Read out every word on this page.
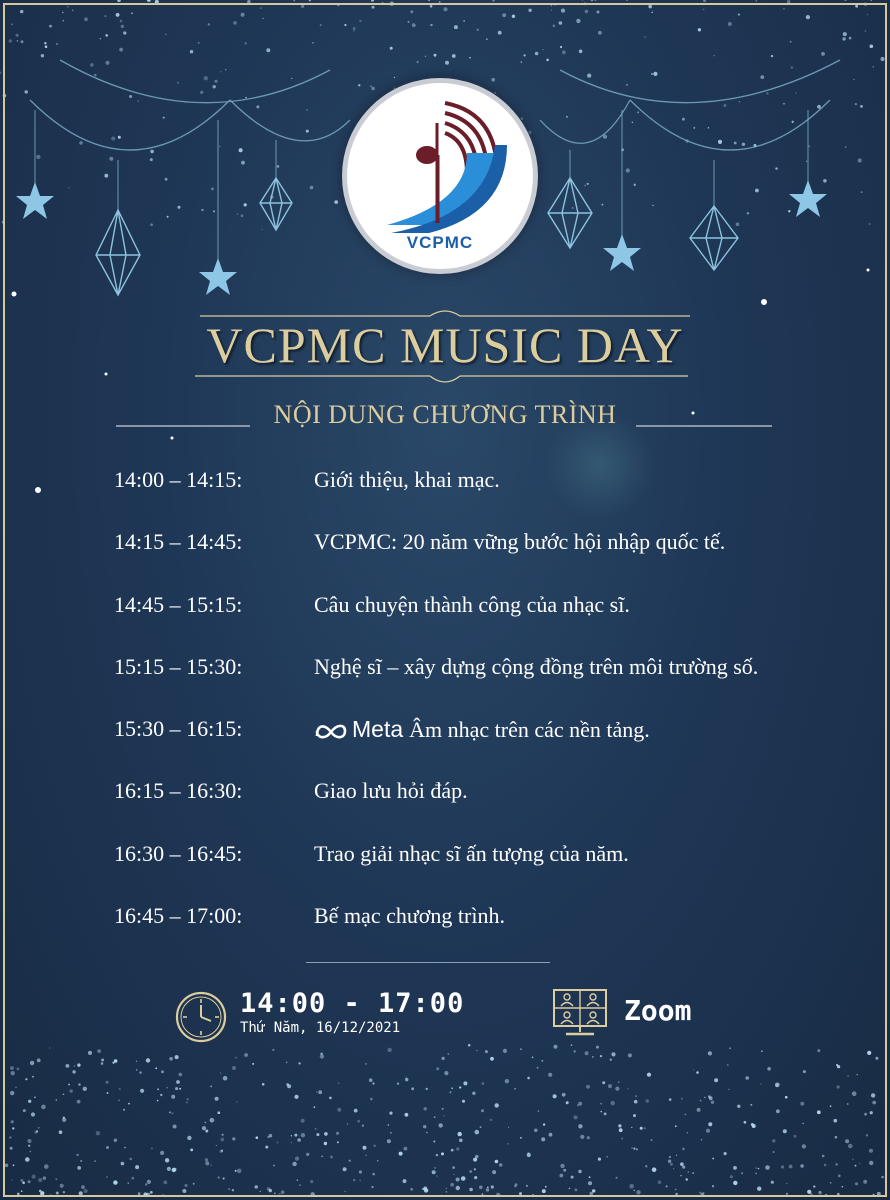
VCPMC
VCPMC MUSIC DAY
NỘI DUNG CHƯƠNG TRÌNH
14:00 – 14:15:	Giới thiệu, khai mạc.
14:15 – 14:45:	VCPMC: 20 năm vững bước hội nhập quốc tế.
14:45 – 15:15:	Câu chuyện thành công của nhạc sĩ.
15:15 – 15:30:	Nghệ sĩ – xây dựng cộng đồng trên môi trường số.
15:30 – 16:15:	Meta Âm nhạc trên các nền tảng.
16:15 – 16:30:	Giao lưu hỏi đáp.
16:30 – 16:45:	Trao giải nhạc sĩ ấn tượng của năm.
16:45 – 17:00:	Bế mạc chương trình.
14:00 - 17:00
Thứ Năm, 16/12/2021
Zoom
